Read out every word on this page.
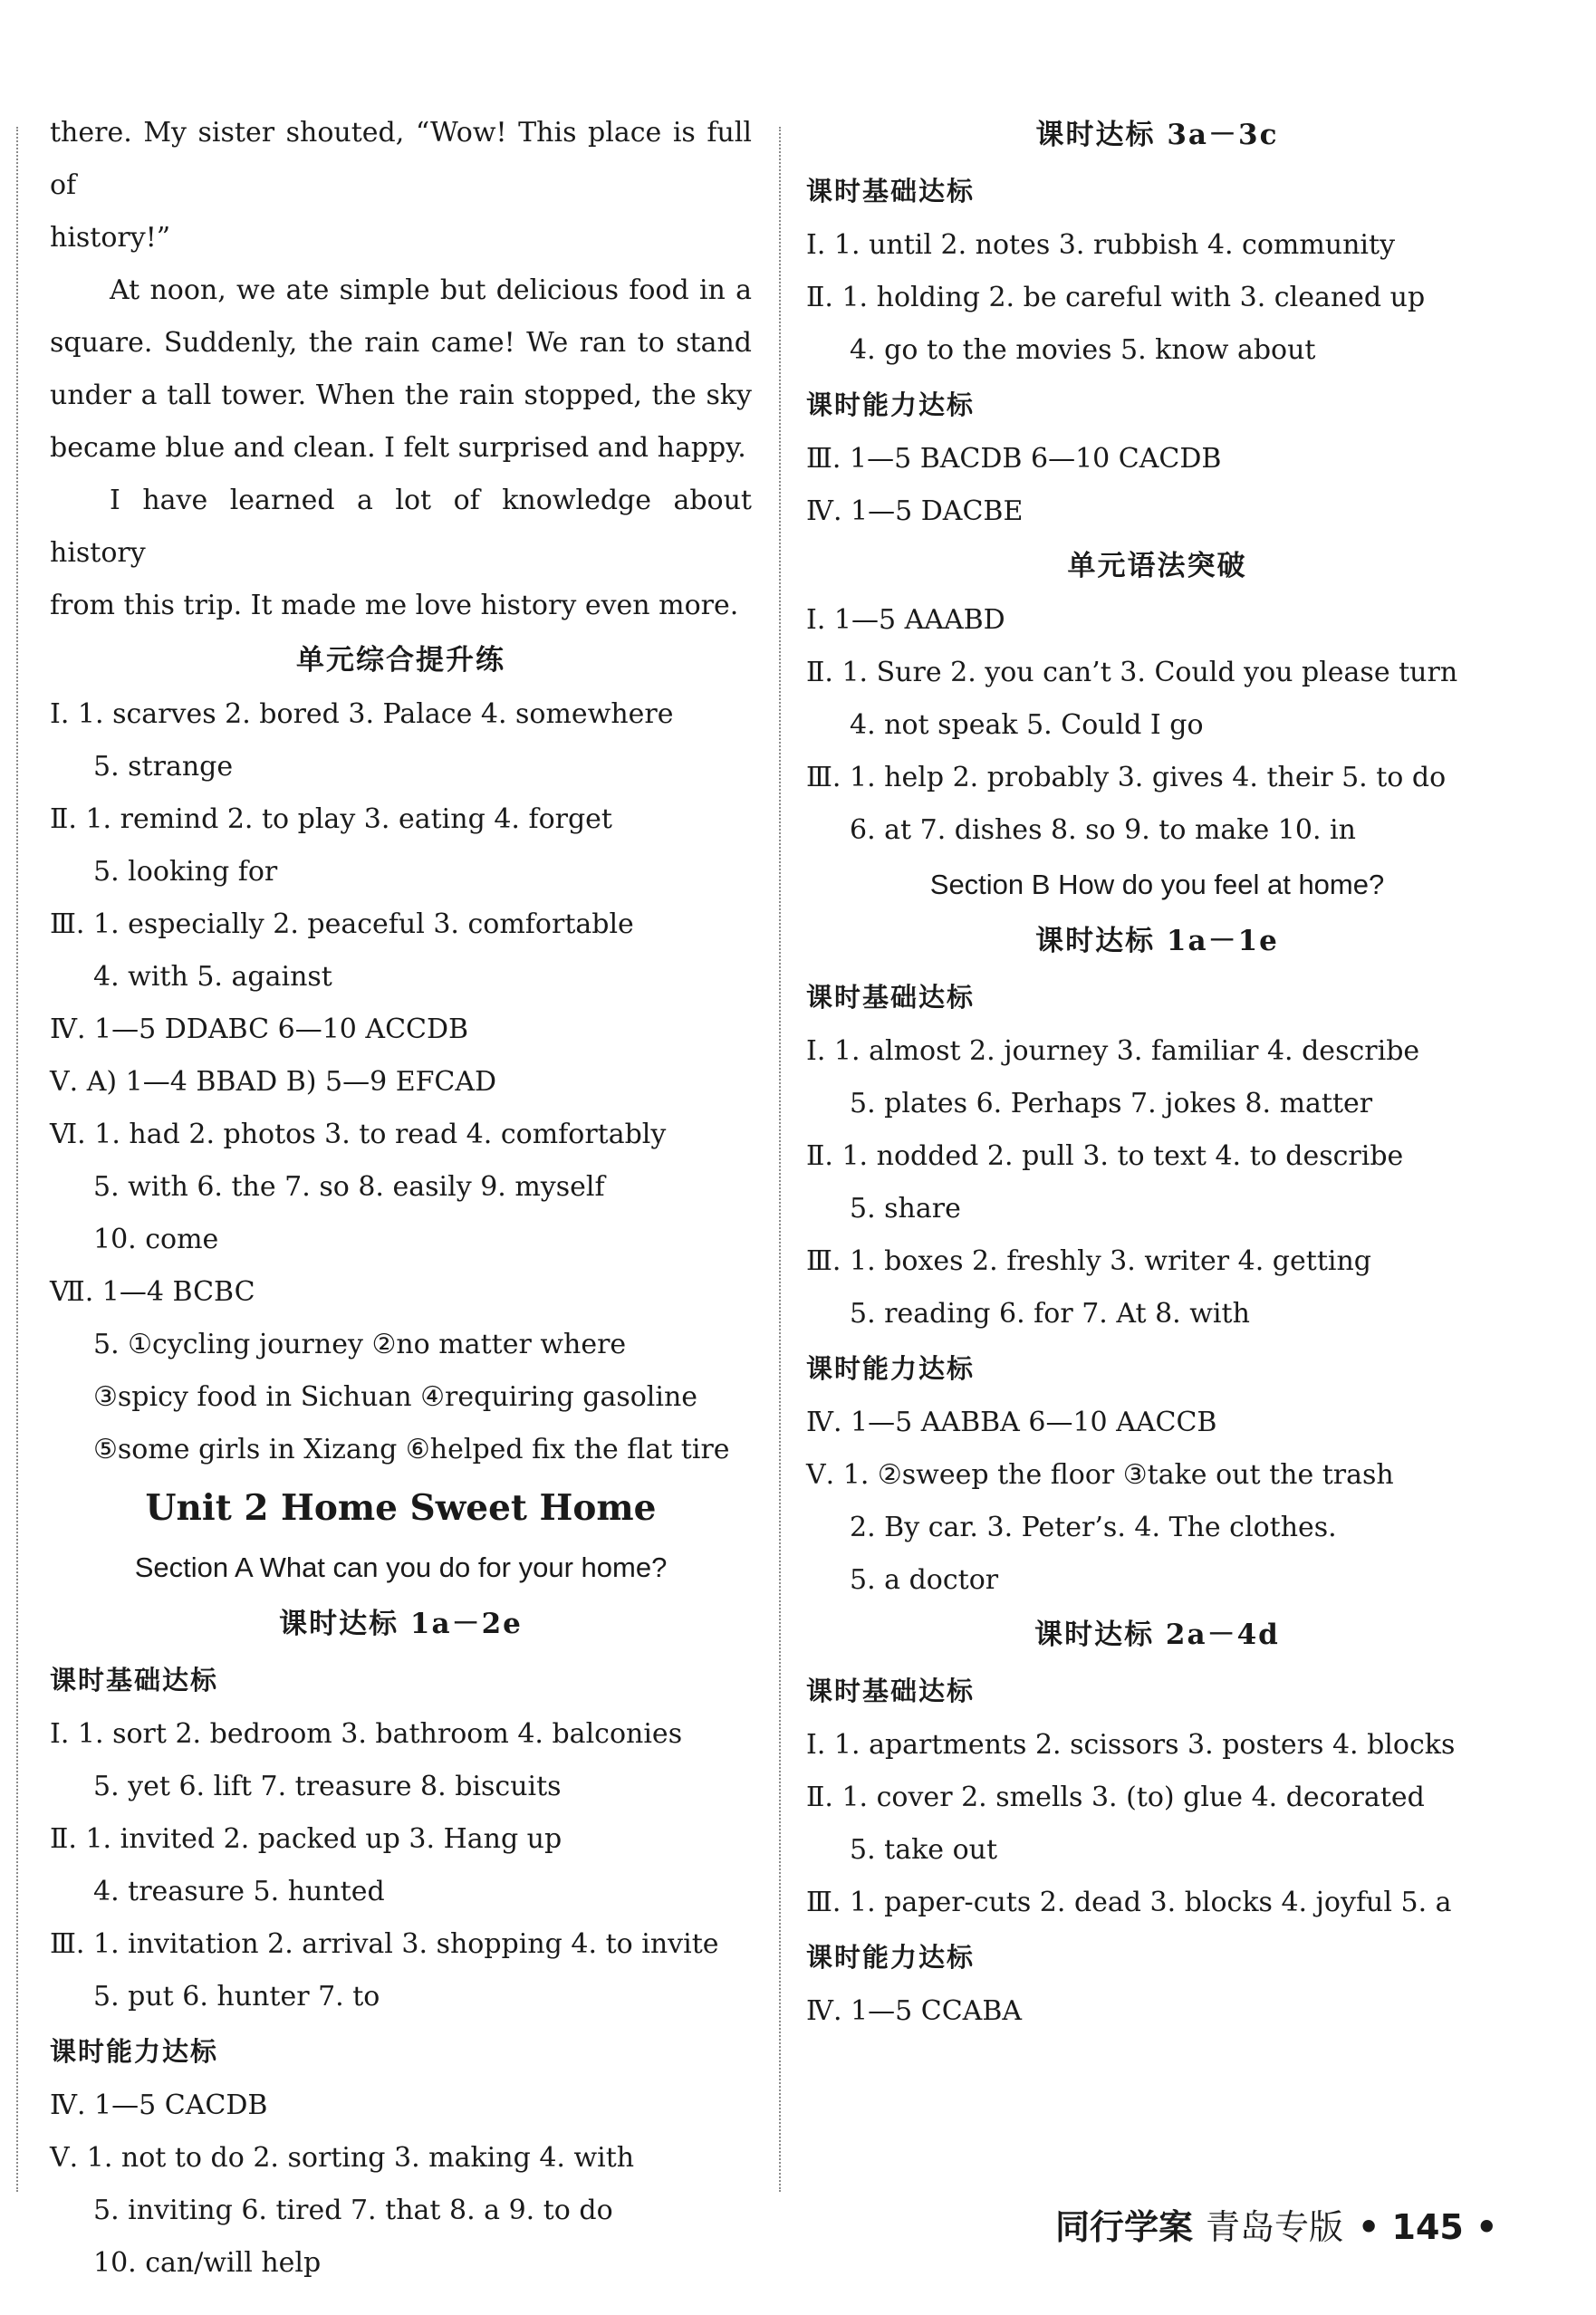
there. My sister shouted, “Wow! This place is full of
history!”
At noon, we ate simple but delicious food in a
square. Suddenly, the rain came! We ran to stand
under a tall tower. When the rain stopped, the sky
became blue and clean. I felt surprised and happy.
I have learned a lot of knowledge about history
from this trip. It made me love history even more.
单元综合提升练
Ⅰ. 1. scarves 2. bored 3. Palace 4. somewhere
5. strange
Ⅱ. 1. remind 2. to play 3. eating 4. forget
5. looking for
Ⅲ. 1. especially 2. peaceful 3. comfortable
4. with 5. against
Ⅳ. 1—5 DDABC 6—10 ACCDB
Ⅴ. A) 1—4 BBAD B) 5—9 EFCAD
Ⅵ. 1. had 2. photos 3. to read 4. comfortably
5. with 6. the 7. so 8. easily 9. myself
10. come
Ⅶ. 1—4 BCBC
5. ①cycling journey ②no matter where
③spicy food in Sichuan ④requiring gasoline
⑤some girls in Xizang ⑥helped fix the flat tire
Unit 2 Home Sweet Home
Section A What can you do for your home?
课时达标 1a－2e
课时基础达标
Ⅰ. 1. sort 2. bedroom 3. bathroom 4. balconies
5. yet 6. lift 7. treasure 8. biscuits
Ⅱ. 1. invited 2. packed up 3. Hang up
4. treasure 5. hunted
Ⅲ. 1. invitation 2. arrival 3. shopping 4. to invite
5. put 6. hunter 7. to
课时能力达标
Ⅳ. 1—5 CACDB
Ⅴ. 1. not to do 2. sorting 3. making 4. with
5. inviting 6. tired 7. that 8. a 9. to do
10. can/will help
课时达标 3a－3c
课时基础达标
Ⅰ. 1. until 2. notes 3. rubbish 4. community
Ⅱ. 1. holding 2. be careful with 3. cleaned up
4. go to the movies 5. know about
课时能力达标
Ⅲ. 1—5 BACDB 6—10 CACDB
Ⅳ. 1—5 DACBE
单元语法突破
Ⅰ. 1—5 AAABD
Ⅱ. 1. Sure 2. you can’t 3. Could you please turn
4. not speak 5. Could I go
Ⅲ. 1. help 2. probably 3. gives 4. their 5. to do
6. at 7. dishes 8. so 9. to make 10. in
Section B How do you feel at home?
课时达标 1a－1e
课时基础达标
Ⅰ. 1. almost 2. journey 3. familiar 4. describe
5. plates 6. Perhaps 7. jokes 8. matter
Ⅱ. 1. nodded 2. pull 3. to text 4. to describe
5. share
Ⅲ. 1. boxes 2. freshly 3. writer 4. getting
5. reading 6. for 7. At 8. with
课时能力达标
Ⅳ. 1—5 AABBA 6—10 AACCB
Ⅴ. 1. ②sweep the floor ③take out the trash
2. By car. 3. Peter’s. 4. The clothes.
5. a doctor
课时达标 2a－4d
课时基础达标
Ⅰ. 1. apartments 2. scissors 3. posters 4. blocks
Ⅱ. 1. cover 2. smells 3. (to) glue 4. decorated
5. take out
Ⅲ. 1. paper-cuts 2. dead 3. blocks 4. joyful 5. a
课时能力达标
Ⅳ. 1—5 CCABA
同行学案 青岛专版 • 145 •
